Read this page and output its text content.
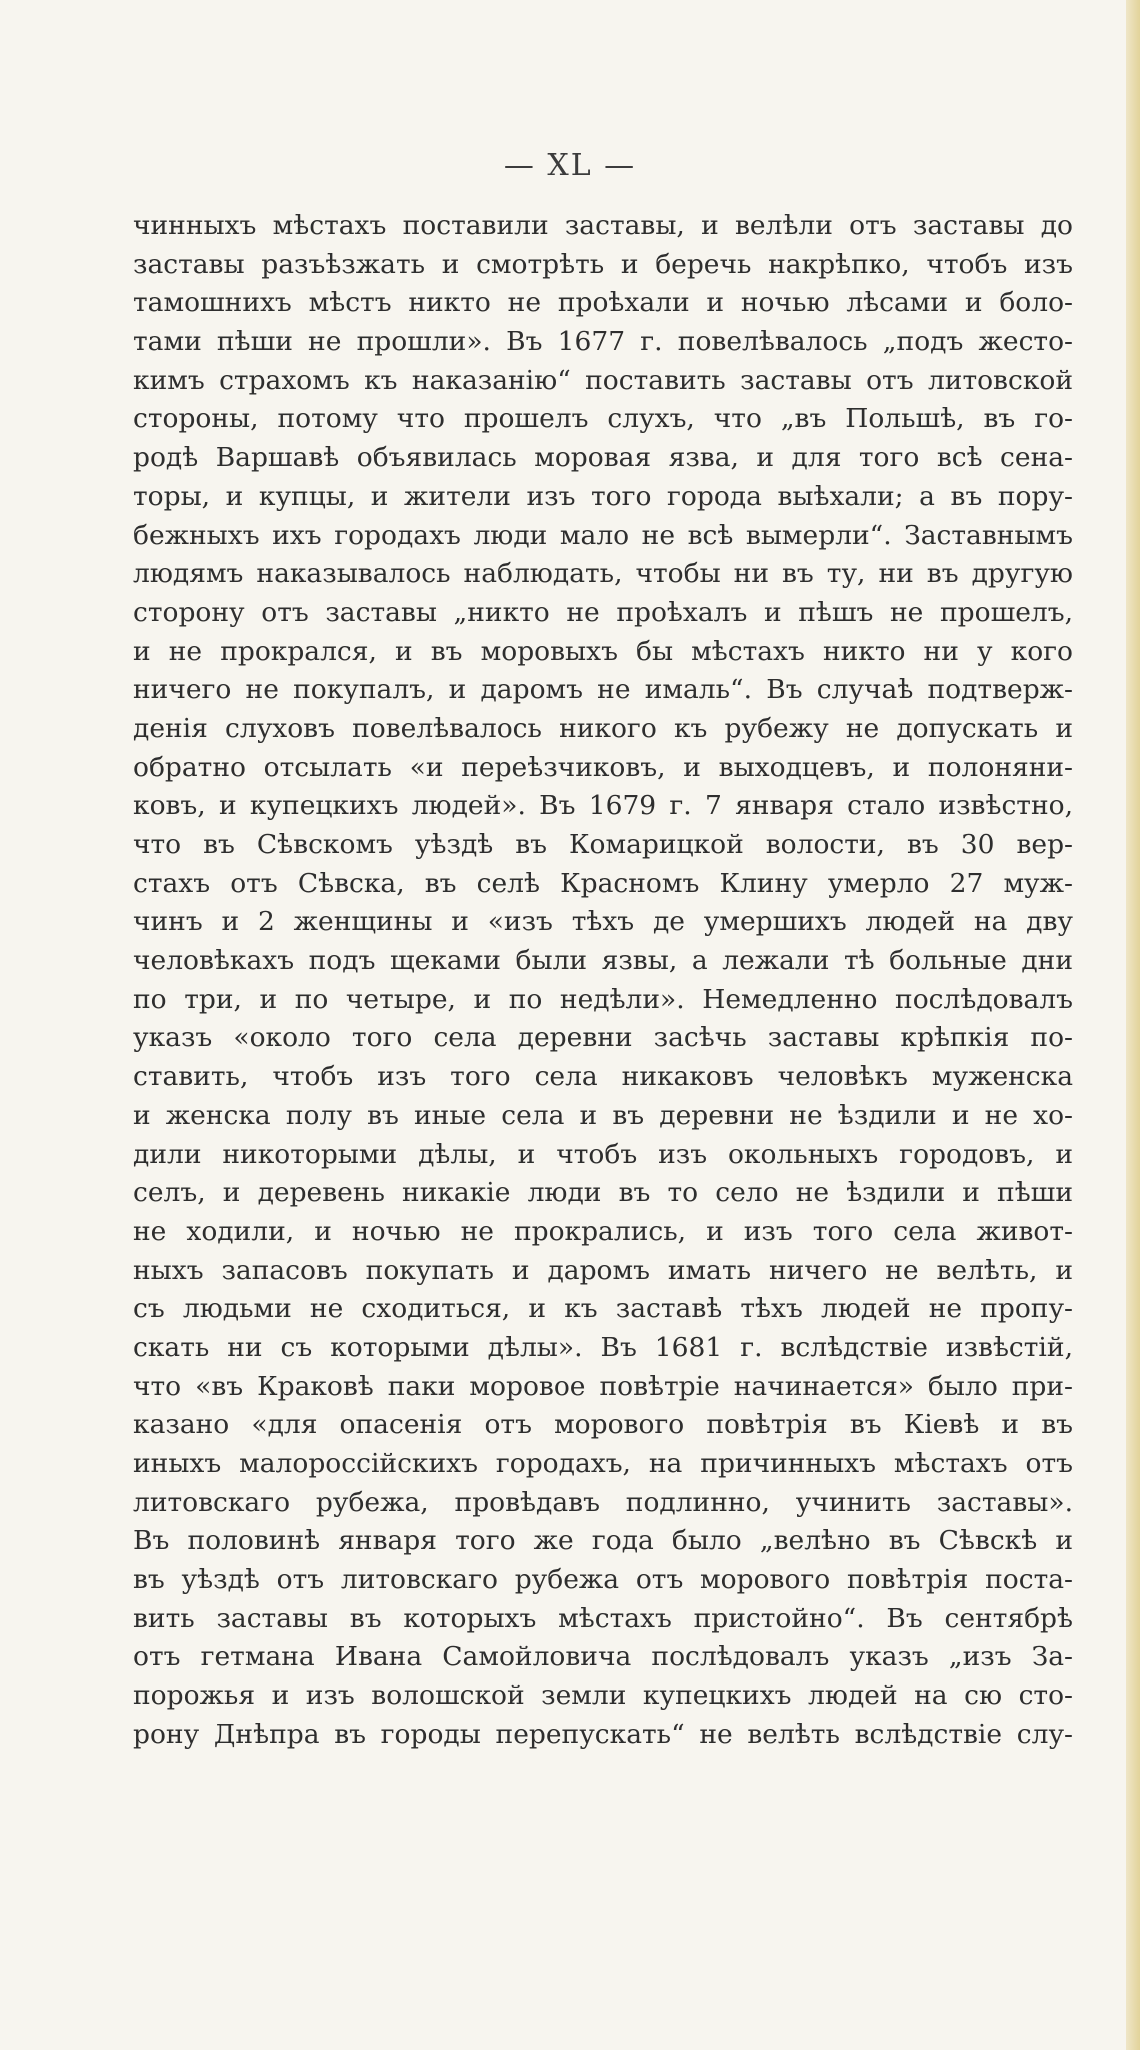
— XL —
чинныхъ мѣстахъ поставили заставы, и велѣли отъ заставы до
заставы разъѣзжать и смотрѣть и беречь накрѣпко, чтобъ изъ
тамошнихъ мѣстъ никто не проѣхали и ночью лѣсами и боло-
тами пѣши не прошли». Въ 1677 г. повелѣвалось „подъ жесто-
кимъ страхомъ къ наказанію“ поставить заставы отъ литовской
стороны, потому что прошелъ слухъ, что „въ Польшѣ, въ го-
родѣ Варшавѣ объявилась моровая язва, и для того всѣ сена-
торы, и купцы, и жители изъ того города выѣхали; а въ пору-
бежныхъ ихъ городахъ люди мало не всѣ вымерли“. Заставнымъ
людямъ наказывалось наблюдать, чтобы ни въ ту, ни въ другую
сторону отъ заставы „никто не проѣхалъ и пѣшъ не прошелъ,
и не прокрался, и въ моровыхъ бы мѣстахъ никто ни у кого
ничего не покупалъ, и даромъ не ималь“. Въ случаѣ подтверж-
денія слуховъ повелѣвалось никого къ рубежу не допускать и
обратно отсылать «и переѣзчиковъ, и выходцевъ, и полоняни-
ковъ, и купецкихъ людей». Въ 1679 г. 7 января стало извѣстно,
что въ Сѣвскомъ уѣздѣ въ Комарицкой волости, въ 30 вер-
стахъ отъ Сѣвска, въ селѣ Красномъ Клину умерло 27 муж-
чинъ и 2 женщины и «изъ тѣхъ де умершихъ людей на дву
человѣкахъ подъ щеками были язвы, а лежали тѣ больные дни
по три, и по четыре, и по недѣли». Немедленно послѣдовалъ
указъ «около того села деревни засѣчь заставы крѣпкія по-
ставить, чтобъ изъ того села никаковъ человѣкъ муженска
и женска полу въ иные села и въ деревни не ѣздили и не хо-
дили никоторыми дѣлы, и чтобъ изъ окольныхъ городовъ, и
селъ, и деревень никакіе люди въ то село не ѣздили и пѣши
не ходили, и ночью не прокрались, и изъ того села живот-
ныхъ запасовъ покупать и даромъ имать ничего не велѣть, и
съ людьми не сходиться, и къ заставѣ тѣхъ людей не пропу-
скать ни съ которыми дѣлы». Въ 1681 г. вслѣдствіе извѣстій,
что «въ Краковѣ паки моровое повѣтріе начинается» было при-
казано «для опасенія отъ морового повѣтрія въ Кіевѣ и въ
иныхъ малороссійскихъ городахъ, на причинныхъ мѣстахъ отъ
литовскаго рубежа, провѣдавъ подлинно, учинить заставы».
Въ половинѣ января того же года было „велѣно въ Сѣвскѣ и
въ уѣздѣ отъ литовскаго рубежа отъ морового повѣтрія поста-
вить заставы въ которыхъ мѣстахъ пристойно“. Въ сентябрѣ
отъ гетмана Ивана Самойловича послѣдовалъ указъ „изъ За-
порожья и изъ волошской земли купецкихъ людей на сю сто-
рону Днѣпра въ городы перепускать“ не велѣть вслѣдствіе слу-
